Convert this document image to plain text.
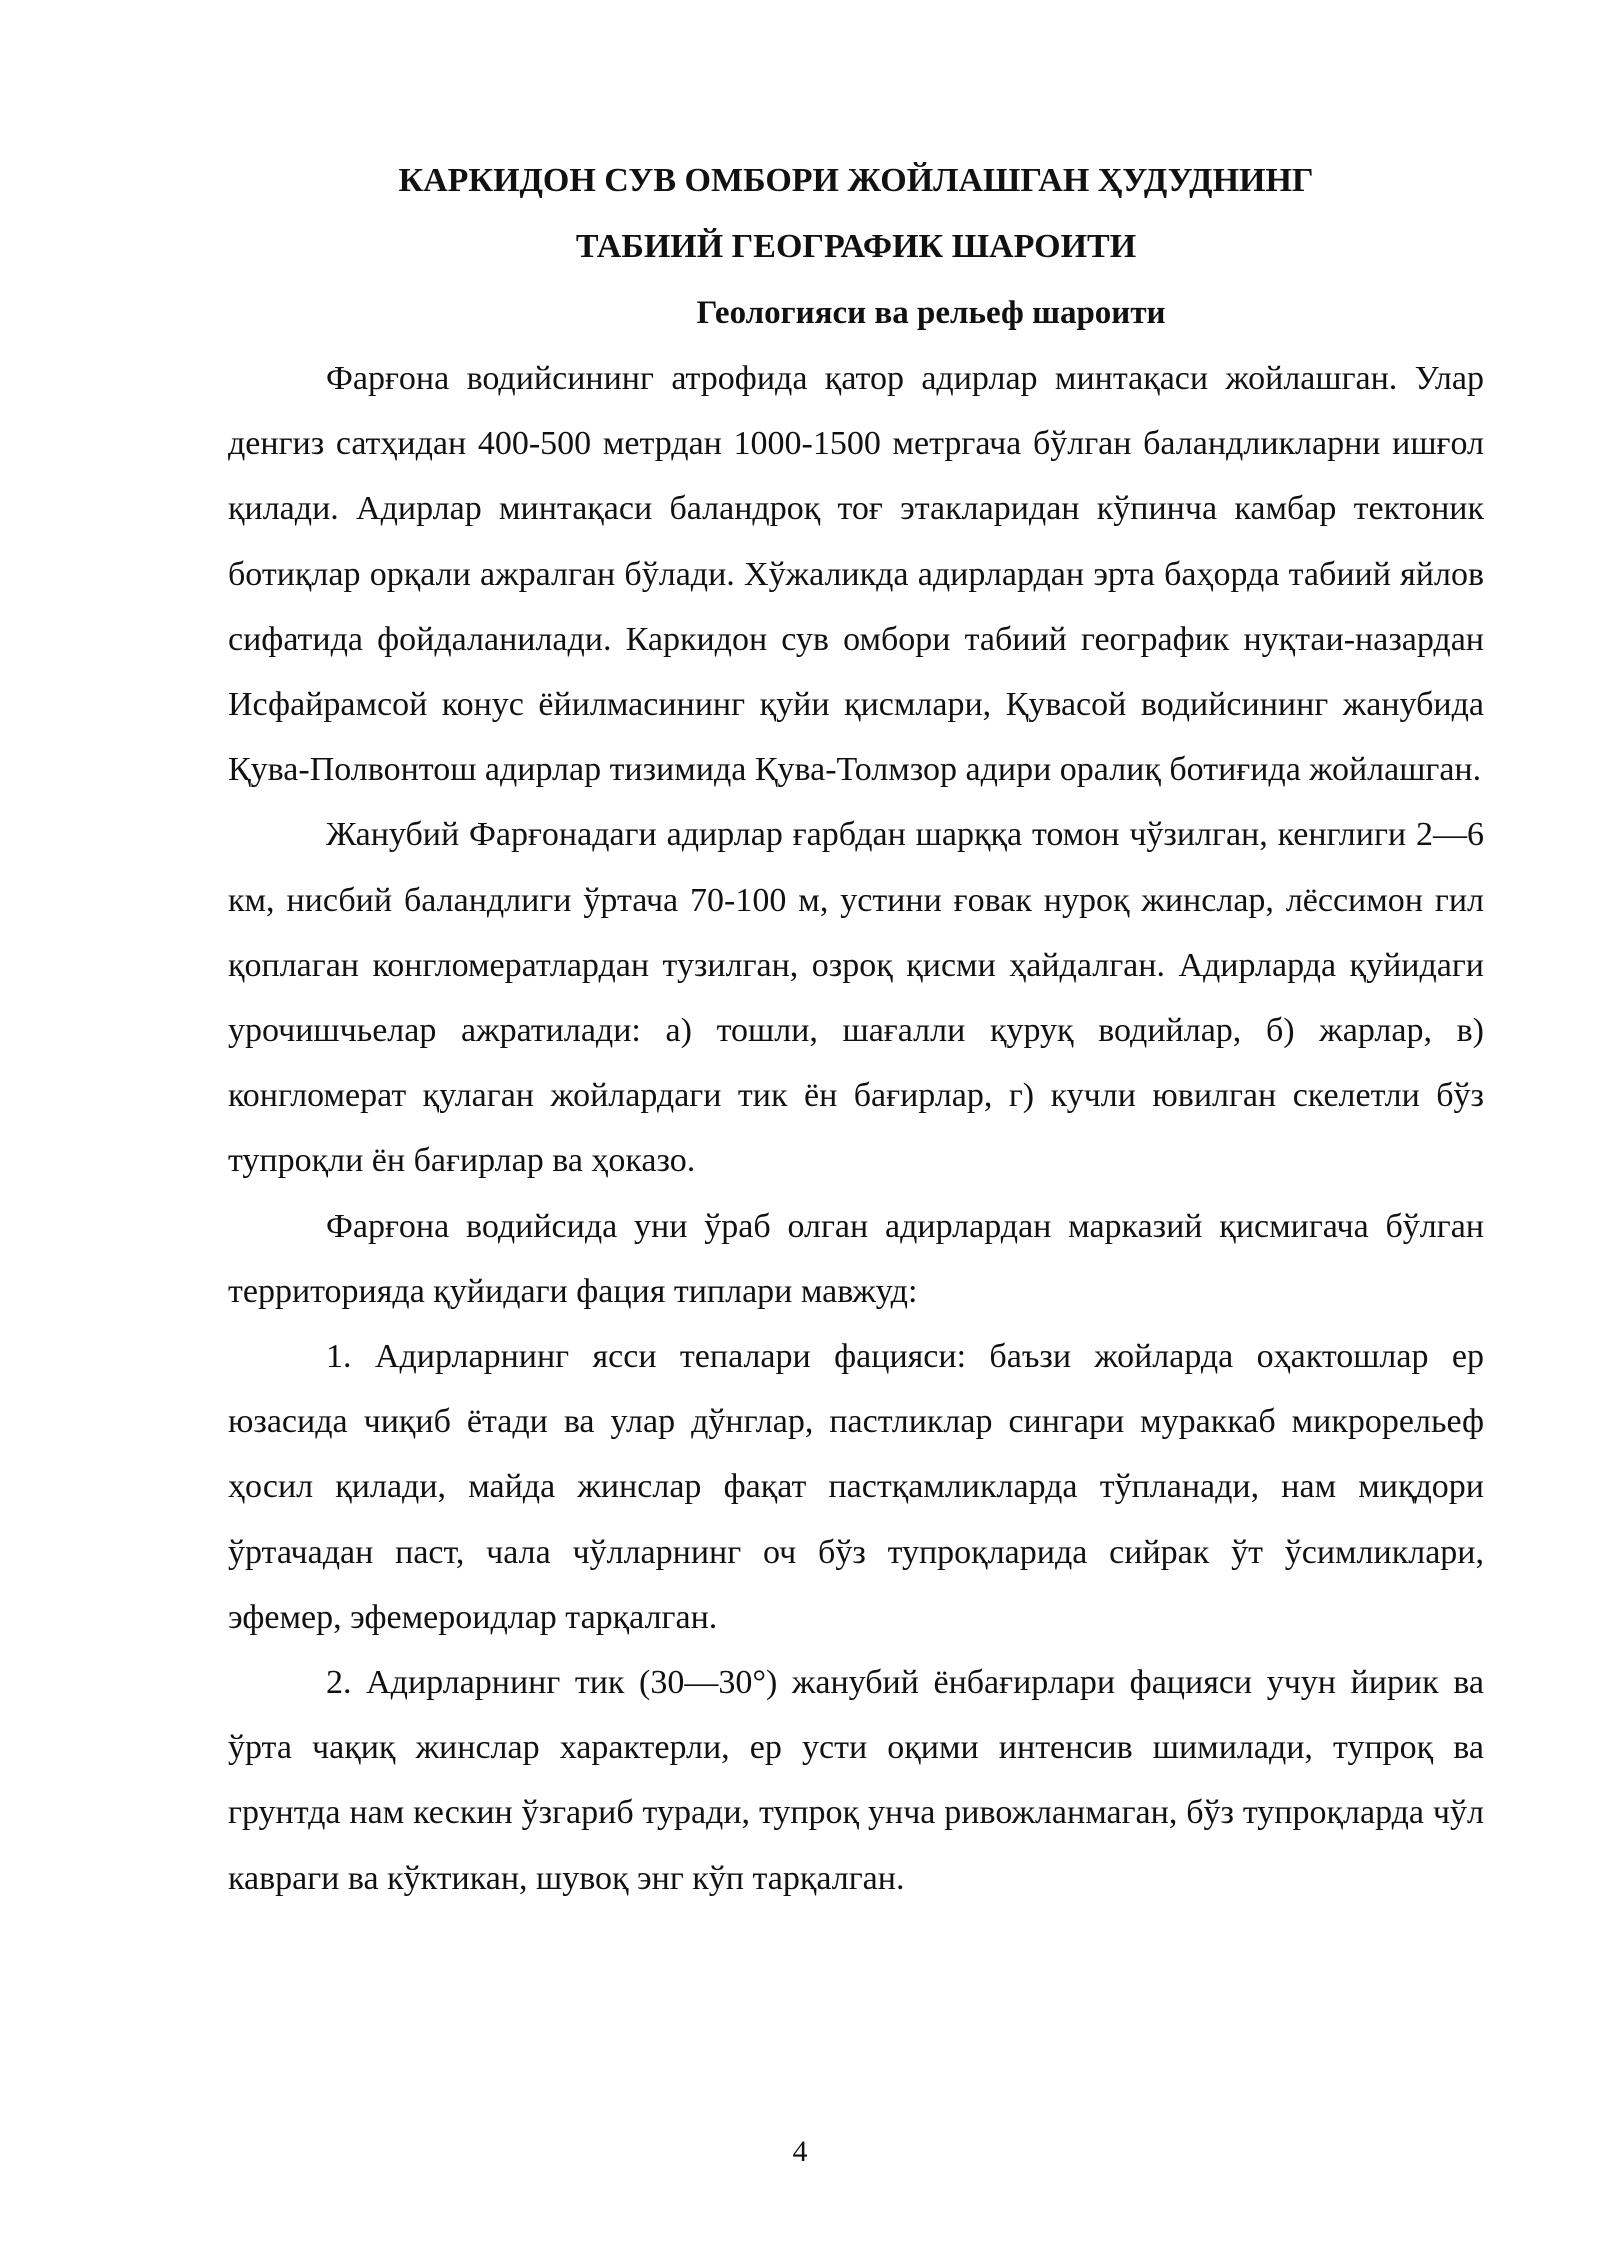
КАРКИДОН СУВ ОМБОРИ ЖОЙЛАШГАН ҲУДУДНИНГ
ТАБИИЙ ГЕОГРАФИК ШАРОИТИ
Геологияси ва рельеф шароити

Фарғона водийсининг атрофида қатор адирлар минтақаси жойлашган. Улар денгиз сатҳидан 400-500 метрдан 1000-1500 метргача бўлган баландликларни ишғол қилади. Адирлар минтақаси баландроқ тоғ этакларидан кўпинча камбар тектоник ботиқлар орқали ажралган бўлади. Хўжаликда адирлардан эрта баҳорда табиий яйлов сифатида фойдаланилади. Каркидон сув омбори табиий географик нуқтаи-назардан Исфайрамсой конус ёйилмасининг қуйи қисмлари, Қувасой водийсининг жанубида Қува-Полвонтош адирлар тизимида Қува-Толмзор адири оралиқ ботиғида жойлашган.

Жанубий Фарғонадаги адирлар ғарбдан шарққа томон чўзилган, кенглиги 2—6 км, нисбий баландлиги ўртача 70-100 м, устини ғовак нуроқ жинслар, лёссимон гил қоплаган конгломератлардан тузилган, озроқ қисми ҳайдалган. Адирларда қуйидаги урочишчьелар ажратилади: а) тошли, шағалли қуруқ водийлар, б) жарлар, в) конгломерат қулаган жойлардаги тик ён бағирлар, г) кучли ювилган скелетли бўз тупроқли ён бағирлар ва ҳоказо.

Фарғона водийсида уни ўраб олган адирлардан марказий қисмигача бўлган территорияда қуйидаги фация типлари мавжуд:

1. Адирларнинг ясси тепалари фацияси: баъзи жойларда оҳактошлар ер юзасида чиқиб ётади ва улар дўнглар, пастликлар сингари мураккаб микрорельеф ҳосил қилади, майда жинслар фақат пастқамликларда тўпланади, нам миқдори ўртачадан паст, чала чўлларнинг оч бўз тупроқларида сийрак ўт ўсимликлари, эфемер, эфемероидлар тарқалган.

2. Адирларнинг тик (30—30°) жанубий ёнбағирлари фацияси учун йирик ва ўрта чақиқ жинслар характерли, ер усти оқими интенсив шимилади, тупроқ ва грунтда нам кескин ўзгариб туради, тупроқ унча ривожланмаган, бўз тупроқларда чўл кавраги ва кўктикан, шувоқ энг кўп тарқалган.

4
